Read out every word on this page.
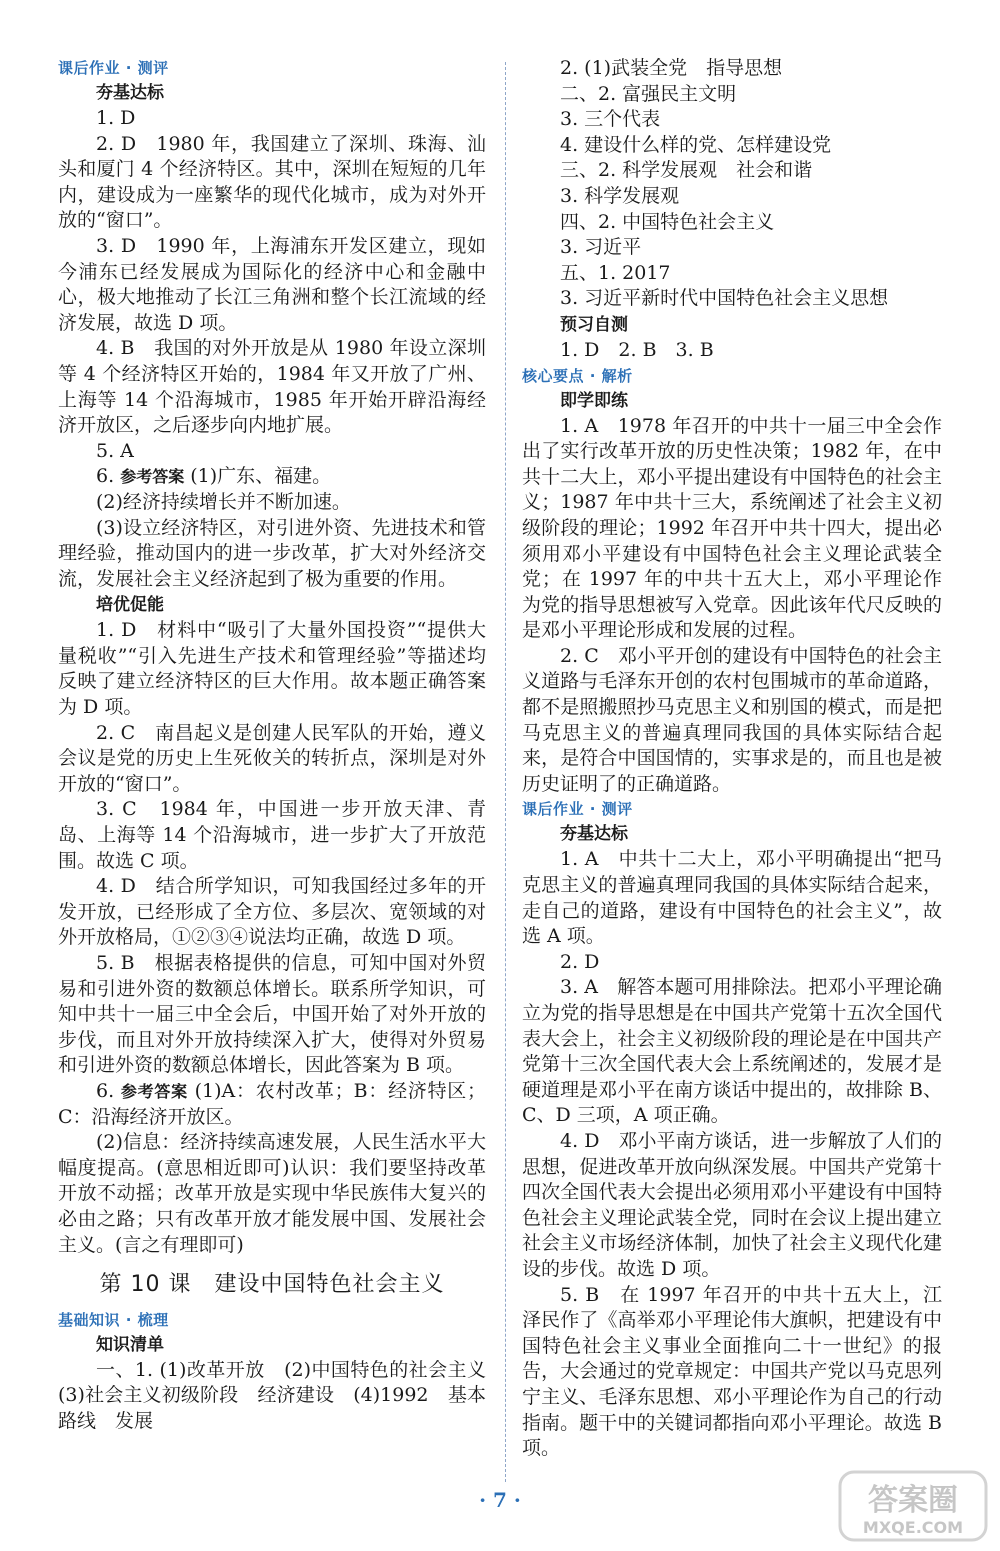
课后作业 · 测评
夯基达标

1. D

2. D　1980 年，我国建立了深圳、珠海、汕头和厦门 4 个经济特区。其中，深圳在短短的几年内，建设成为一座繁华的现代化城市，成为对外开放的“窗口”。

3. D　1990 年，上海浦东开发区建立，现如今浦东已经发展成为国际化的经济中心和金融中心，极大地推动了长江三角洲和整个长江流域的经济发展，故选 D 项。

4. B　我国的对外开放是从 1980 年设立深圳等 4 个经济特区开始的，1984 年又开放了广州、上海等 14 个沿海城市，1985 年开始开辟沿海经济开放区，之后逐步向内地扩展。

5. A

6. 参考答案 (1)广东、福建。

(2)经济持续增长并不断加速。

(3)设立经济特区，对引进外资、先进技术和管理经验，推动国内的进一步改革，扩大对外经济交流，发展社会主义经济起到了极为重要的作用。

培优促能

1. D　材料中“吸引了大量外国投资”“提供大量税收”“引入先进生产技术和管理经验”等描述均反映了建立经济特区的巨大作用。故本题正确答案为 D 项。

2. C　南昌起义是创建人民军队的开始，遵义会议是党的历史上生死攸关的转折点，深圳是对外开放的“窗口”。

3. C　1984 年，中国进一步开放天津、青岛、上海等 14 个沿海城市，进一步扩大了开放范围。故选 C 项。

4. D　结合所学知识，可知我国经过多年的开发开放，已经形成了全方位、多层次、宽领域的对外开放格局，①②③④说法均正确，故选 D 项。

5. B　根据表格提供的信息，可知中国对外贸易和引进外资的数额总体增长。联系所学知识，可知中共十一届三中全会后，中国开始了对外开放的步伐，而且对外开放持续深入扩大，使得对外贸易和引进外资的数额总体增长，因此答案为 B 项。

6. 参考答案 (1)A：农村改革；B：经济特区；C：沿海经济开放区。

(2)信息：经济持续高速发展，人民生活水平大幅度提高。(意思相近即可)认识：我们要坚持改革开放不动摇；改革开放是实现中华民族伟大复兴的必由之路；只有改革开放才能发展中国、发展社会主义。(言之有理即可)

第 10 课　建设中国特色社会主义
基础知识 · 梳理
知识清单

一、1. (1)改革开放　(2)中国特色的社会主义　(3)社会主义初级阶段　经济建设　(4)1992　基本路线　发展

2. (1)武装全党　指导思想

二、2. 富强民主文明

3. 三个代表

4. 建设什么样的党、怎样建设党

三、2. 科学发展观　社会和谐

3. 科学发展观

四、2. 中国特色社会主义

3. 习近平

五、1. 2017

3. 习近平新时代中国特色社会主义思想

预习自测

1. D　2. B　3. B

核心要点 · 解析
即学即练

1. A　1978 年召开的中共十一届三中全会作出了实行改革开放的历史性决策；1982 年，在中共十二大上，邓小平提出建设有中国特色的社会主义；1987 年中共十三大，系统阐述了社会主义初级阶段的理论；1992 年召开中共十四大，提出必须用邓小平建设有中国特色社会主义理论武装全党；在 1997 年的中共十五大上，邓小平理论作为党的指导思想被写入党章。因此该年代尺反映的是邓小平理论形成和发展的过程。

2. C　邓小平开创的建设有中国特色的社会主义道路与毛泽东开创的农村包围城市的革命道路，都不是照搬照抄马克思主义和别国的模式，而是把马克思主义的普遍真理同我国的具体实际结合起来，是符合中国国情的，实事求是的，而且也是被历史证明了的正确道路。

课后作业 · 测评
夯基达标

1. A　中共十二大上，邓小平明确提出“把马克思主义的普遍真理同我国的具体实际结合起来，走自己的道路，建设有中国特色的社会主义”，故选 A 项。

2. D

3. A　解答本题可用排除法。把邓小平理论确立为党的指导思想是在中国共产党第十五次全国代表大会上，社会主义初级阶段的理论是在中国共产党第十三次全国代表大会上系统阐述的，发展才是硬道理是邓小平在南方谈话中提出的，故排除 B、C、D 三项，A 项正确。

4. D　邓小平南方谈话，进一步解放了人们的思想，促进改革开放向纵深发展。中国共产党第十四次全国代表大会提出必须用邓小平建设有中国特色社会主义理论武装全党，同时在会议上提出建立社会主义市场经济体制，加快了社会主义现代化建设的步伐。故选 D 项。

5. B　在 1997 年召开的中共十五大上，江泽民作了《高举邓小平理论伟大旗帜，把建设有中国特色社会主义事业全面推向二十一世纪》的报告，大会通过的党章规定：中国共产党以马克思列宁主义、毛泽东思想、邓小平理论作为自己的行动指南。题干中的关键词都指向邓小平理论。故选 B 项。

· 7 ·	答案圈
MXQE.COM
